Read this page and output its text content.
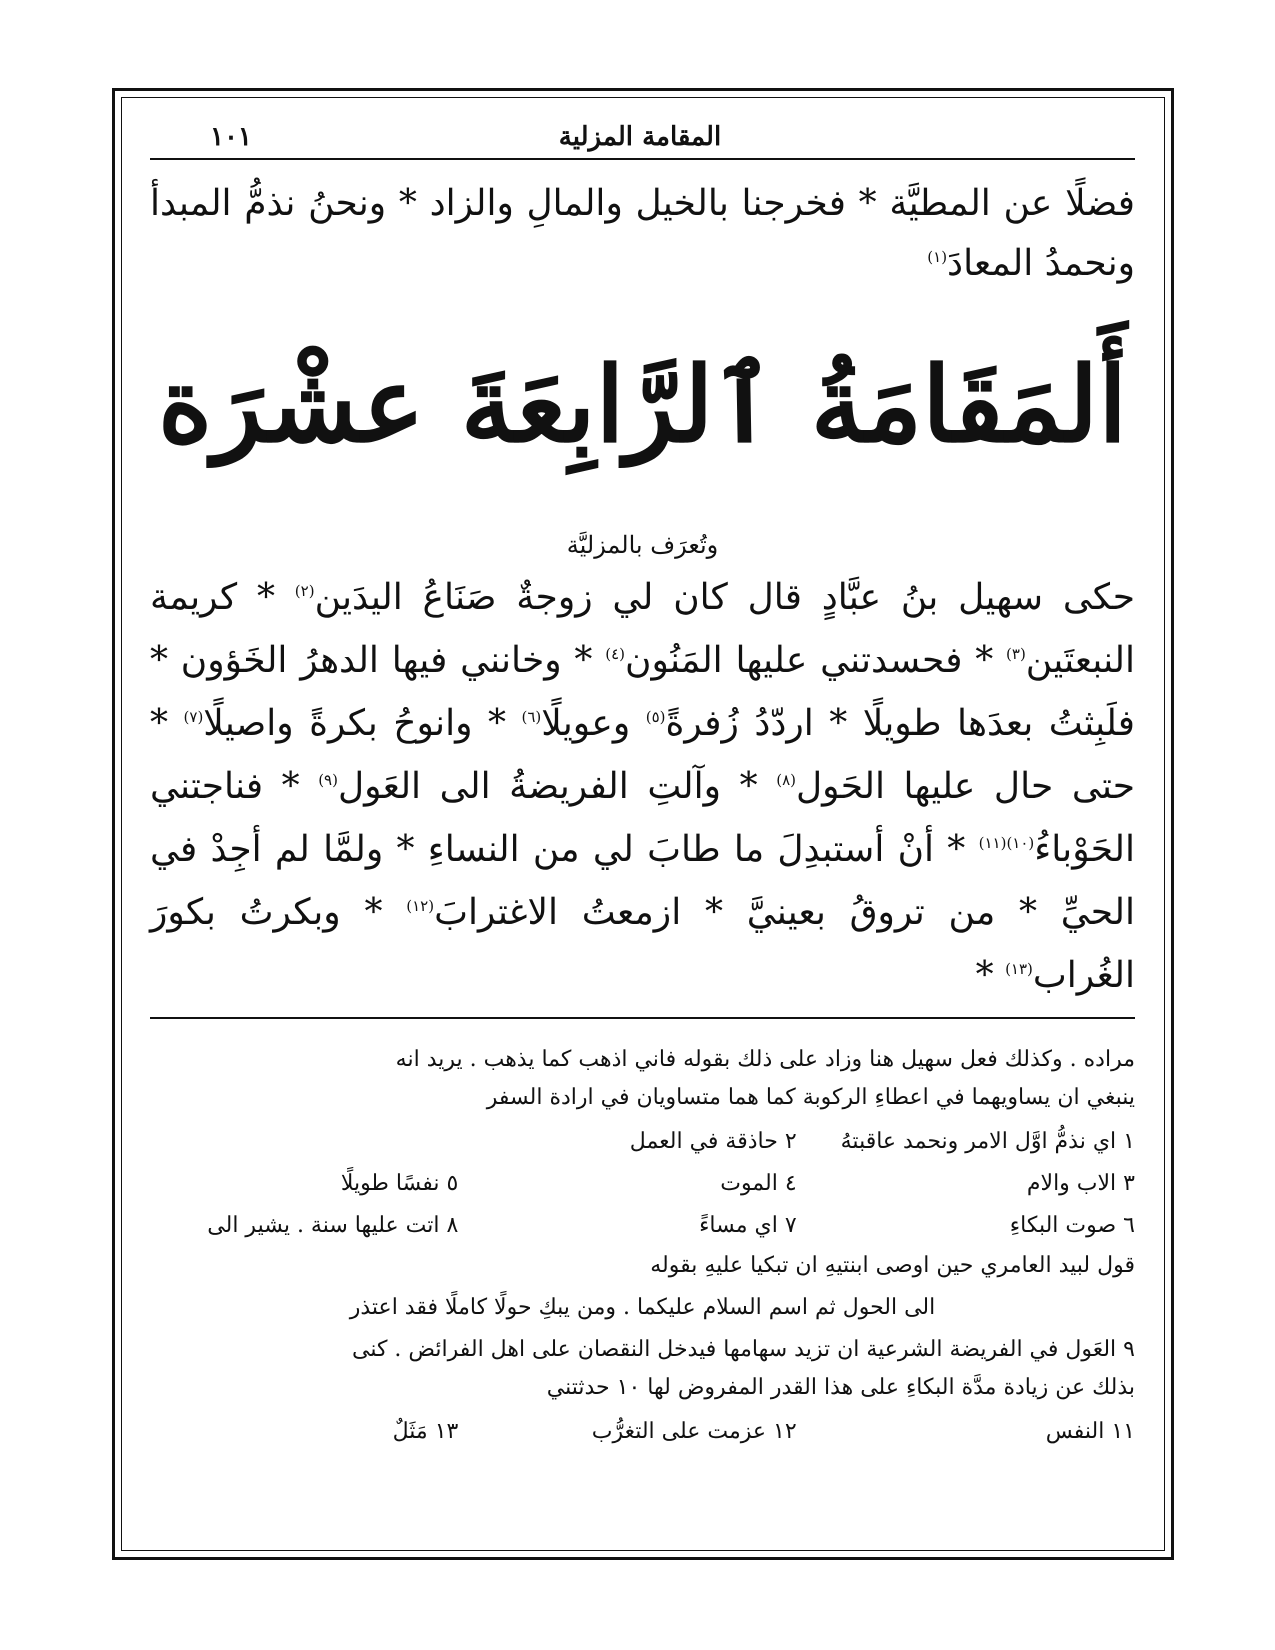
المقامة المزلية
١٠١
فضلًا عن المطيَّة * فخرجنا بالخيل والمالِ والزاد * ونحنُ نذمُّ المبدأ ونحمدُ المعادَ$^{(١)}$
أَلمَقَامَةُ ٱلرَّابِعَةَ عشْرَة
وتُعرَف بالمزليَّة
حكى سهيل بنُ عبَّادٍ قال كان لي زوجةٌ صَنَاعُ اليدَين$^{(٢)}$ * كريمة النبعتَين$^{(٣)}$ * فحسدتني عليها المَنُون$^{(٤)}$ * وخانني فيها الدهرُ الخَؤون * فلَبِثتُ بعدَها طويلًا * اردّدُ زُفرةً$^{(٥)}$ وعويلًا$^{(٦)}$ * وانوحُ بكرةً واصيلًا$^{(٧)}$ * حتى حال عليها الحَول$^{(٨)}$ * وآلتِ الفريضةُ الى العَول$^{(٩)}$ * فناجتني الحَوْباءُ$^{(١٠)(١١)}$ * أنْ أستبدِلَ ما طابَ لي من النساءِ * ولمَّا لم أجِدْ في الحيِّ * من تروقُ بعينيَّ * ازمعتُ الاغترابَ$^{(١٢)}$ * وبكرتُ بكورَ الغُراب$^{(١٣)}$ *
مراده . وكذلك فعل سهيل هنا وزاد على ذلك بقوله فاني اذهب كما يذهب . يريد انه
ينبغي ان يساويهما في اعطاءِ الركوبة كما هما متساويان في ارادة السفر
١ اي نذمُّ اوَّل الامر ونحمد عاقبتهُ
٢ حاذقة في العمل
٣ الاب والام
٤ الموت
٥ نفسًا طويلًا
٦ صوت البكاءِ
٧ اي مساءً
٨ اتت عليها سنة . يشير الى
قول لبيد العامري حين اوصى ابنتيهِ ان تبكيا عليهِ بقوله
الى الحول ثم اسم السلام عليكما . ومن يبكِ حولًا كاملًا فقد اعتذر
٩ العَول في الفريضة الشرعية ان تزيد سهامها فيدخل النقصان على اهل الفرائض . كنى
بذلك عن زيادة مدَّة البكاءِ على هذا القدر المفروض لها ١٠ حدثتني
١١ النفس
١٢ عزمت على التغرُّب
١٣ مَثَلٌ
